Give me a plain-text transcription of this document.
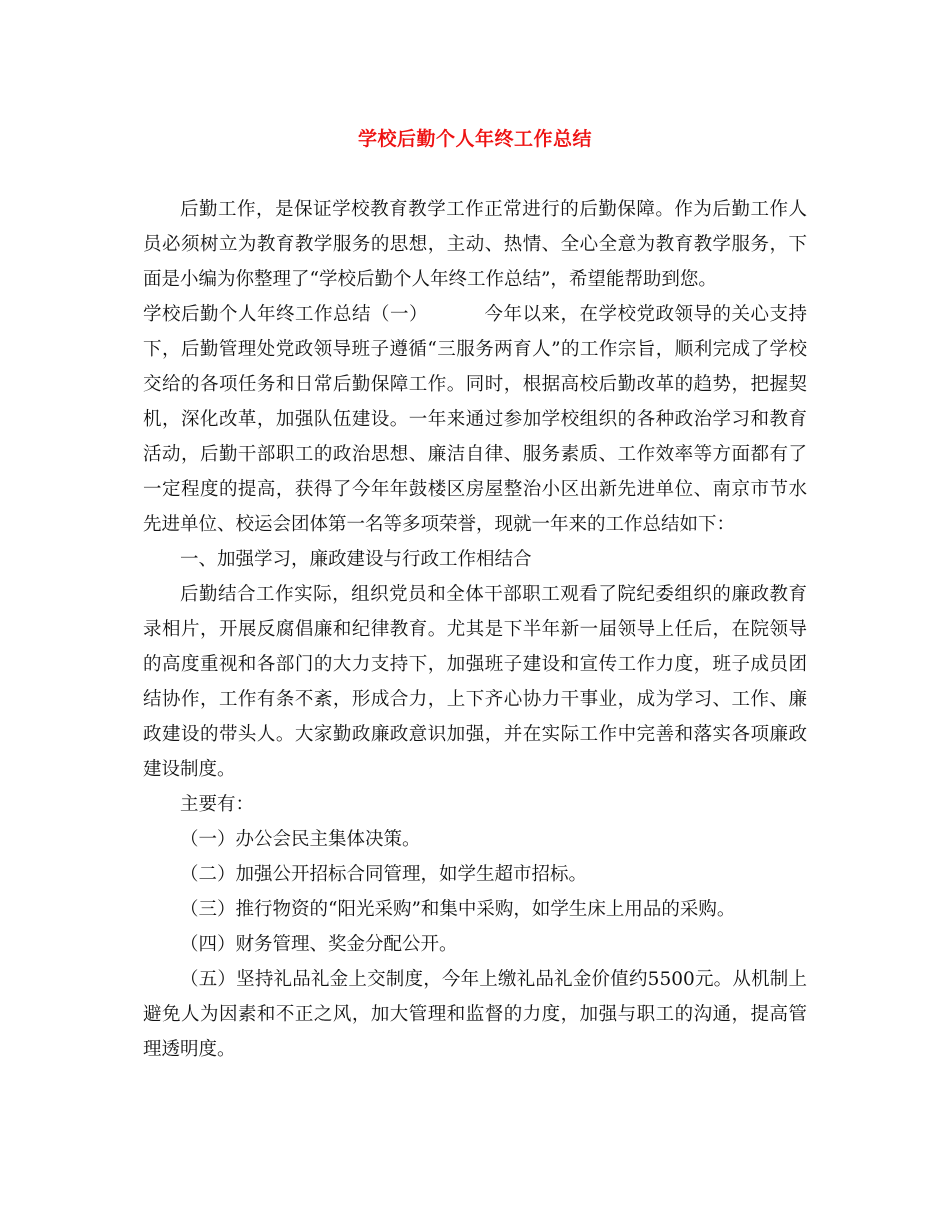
学校后勤个人年终工作总结

后勤工作，是保证学校教育教学工作正常进行的后勤保障。作为后勤工作人员必须树立为教育教学服务的思想，主动、热情、全心全意为教育教学服务，下面是小编为你整理了“学校后勤个人年终工作总结”，希望能帮助到您。

学校后勤个人年终工作总结（一）	今年以来，在学校党政领导的关心支持下，后勤管理处党政领导班子遵循“三服务两育人”的工作宗旨，顺利完成了学校交给的各项任务和日常后勤保障工作。同时，根据高校后勤改革的趋势，把握契机，深化改革，加强队伍建设。一年来通过参加学校组织的各种政治学习和教育活动，后勤干部职工的政治思想、廉洁自律、服务素质、工作效率等方面都有了一定程度的提高，获得了今年年鼓楼区房屋整治小区出新先进单位、南京市节水先进单位、校运会团体第一名等多项荣誉，现就一年来的工作总结如下：

一、加强学习，廉政建设与行政工作相结合

后勤结合工作实际，组织党员和全体干部职工观看了院纪委组织的廉政教育录相片，开展反腐倡廉和纪律教育。尤其是下半年新一届领导上任后，在院领导的高度重视和各部门的大力支持下，加强班子建设和宣传工作力度，班子成员团结协作，工作有条不紊，形成合力，上下齐心协力干事业，成为学习、工作、廉政建设的带头人。大家勤政廉政意识加强，并在实际工作中完善和落实各项廉政建设制度。

主要有：

（一）办公会民主集体决策。

（二）加强公开招标合同管理，如学生超市招标。

（三）推行物资的“阳光采购”和集中采购，如学生床上用品的采购。

（四）财务管理、奖金分配公开。

（五）坚持礼品礼金上交制度，今年上缴礼品礼金价值约5500元。从机制上避免人为因素和不正之风，加大管理和监督的力度，加强与职工的沟通，提高管理透明度。
